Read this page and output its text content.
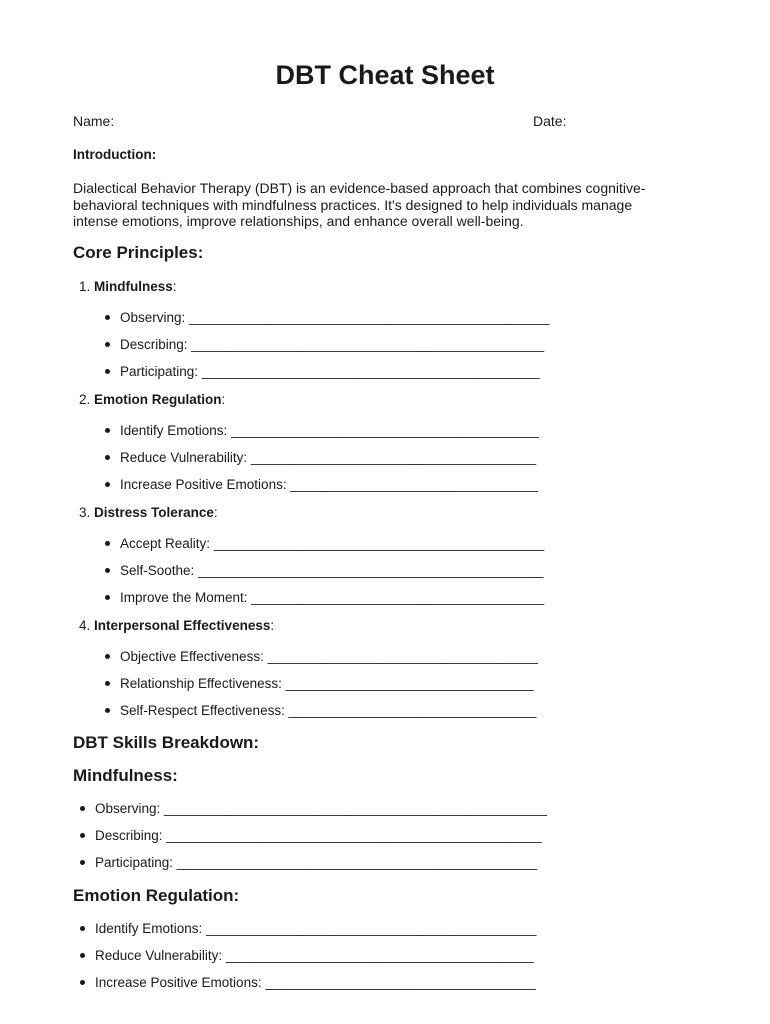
DBT Cheat Sheet
Name:	Date:
Introduction:
Dialectical Behavior Therapy (DBT) is an evidence-based approach that combines cognitive-
behavioral techniques with mindfulness practices. It's designed to help individuals manage
intense emotions, improve relationships, and enhance overall well-being.
Core Principles:
1. Mindfulness:
Observing: ________________________________________________
Describing: _______________________________________________
Participating: _____________________________________________
2. Emotion Regulation:
Identify Emotions: _________________________________________
Reduce Vulnerability: ______________________________________
Increase Positive Emotions: _________________________________
3. Distress Tolerance:
Accept Reality: ____________________________________________
Self-Soothe: ______________________________________________
Improve the Moment: _______________________________________
4. Interpersonal Effectiveness:
Objective Effectiveness: ____________________________________
Relationship Effectiveness: _________________________________
Self-Respect Effectiveness: _________________________________
DBT Skills Breakdown:
Mindfulness:
Observing: ___________________________________________________
Describing: __________________________________________________
Participating: ________________________________________________
Emotion Regulation:
Identify Emotions: ____________________________________________
Reduce Vulnerability: _________________________________________
Increase Positive Emotions: ____________________________________
